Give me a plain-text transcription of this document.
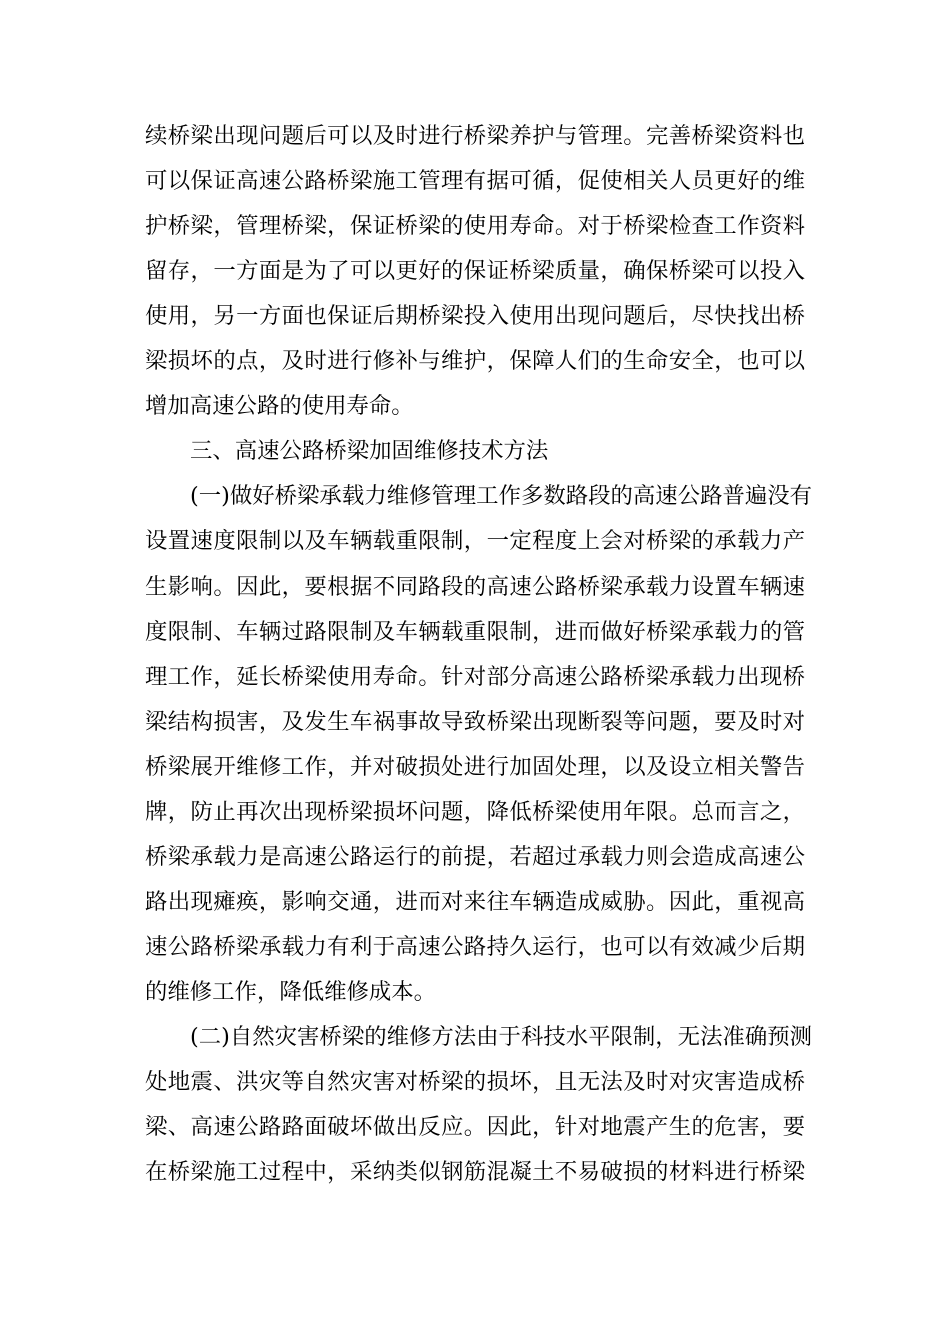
续桥梁出现问题后可以及时进行桥梁养护与管理。完善桥梁资料也
可以保证高速公路桥梁施工管理有据可循，促使相关人员更好的维
护桥梁，管理桥梁，保证桥梁的使用寿命。对于桥梁检查工作资料
留存，一方面是为了可以更好的保证桥梁质量，确保桥梁可以投入
使用，另一方面也保证后期桥梁投入使用出现问题后，尽快找出桥
梁损坏的点，及时进行修补与维护，保障人们的生命安全，也可以
增加高速公路的使用寿命。
三、高速公路桥梁加固维修技术方法
(一)做好桥梁承载力维修管理工作多数路段的高速公路普遍没有
设置速度限制以及车辆载重限制，一定程度上会对桥梁的承载力产
生影响。因此，要根据不同路段的高速公路桥梁承载力设置车辆速
度限制、车辆过路限制及车辆载重限制，进而做好桥梁承载力的管
理工作，延长桥梁使用寿命。针对部分高速公路桥梁承载力出现桥
梁结构损害，及发生车祸事故导致桥梁出现断裂等问题，要及时对
桥梁展开维修工作，并对破损处进行加固处理，以及设立相关警告
牌，防止再次出现桥梁损坏问题，降低桥梁使用年限。总而言之，
桥梁承载力是高速公路运行的前提，若超过承载力则会造成高速公
路出现瘫痪，影响交通，进而对来往车辆造成威胁。因此，重视高
速公路桥梁承载力有利于高速公路持久运行，也可以有效减少后期
的维修工作，降低维修成本。
(二)自然灾害桥梁的维修方法由于科技水平限制，无法准确预测
处地震、洪灾等自然灾害对桥梁的损坏，且无法及时对灾害造成桥
梁、高速公路路面破坏做出反应。因此，针对地震产生的危害，要
在桥梁施工过程中，采纳类似钢筋混凝土不易破损的材料进行桥梁
